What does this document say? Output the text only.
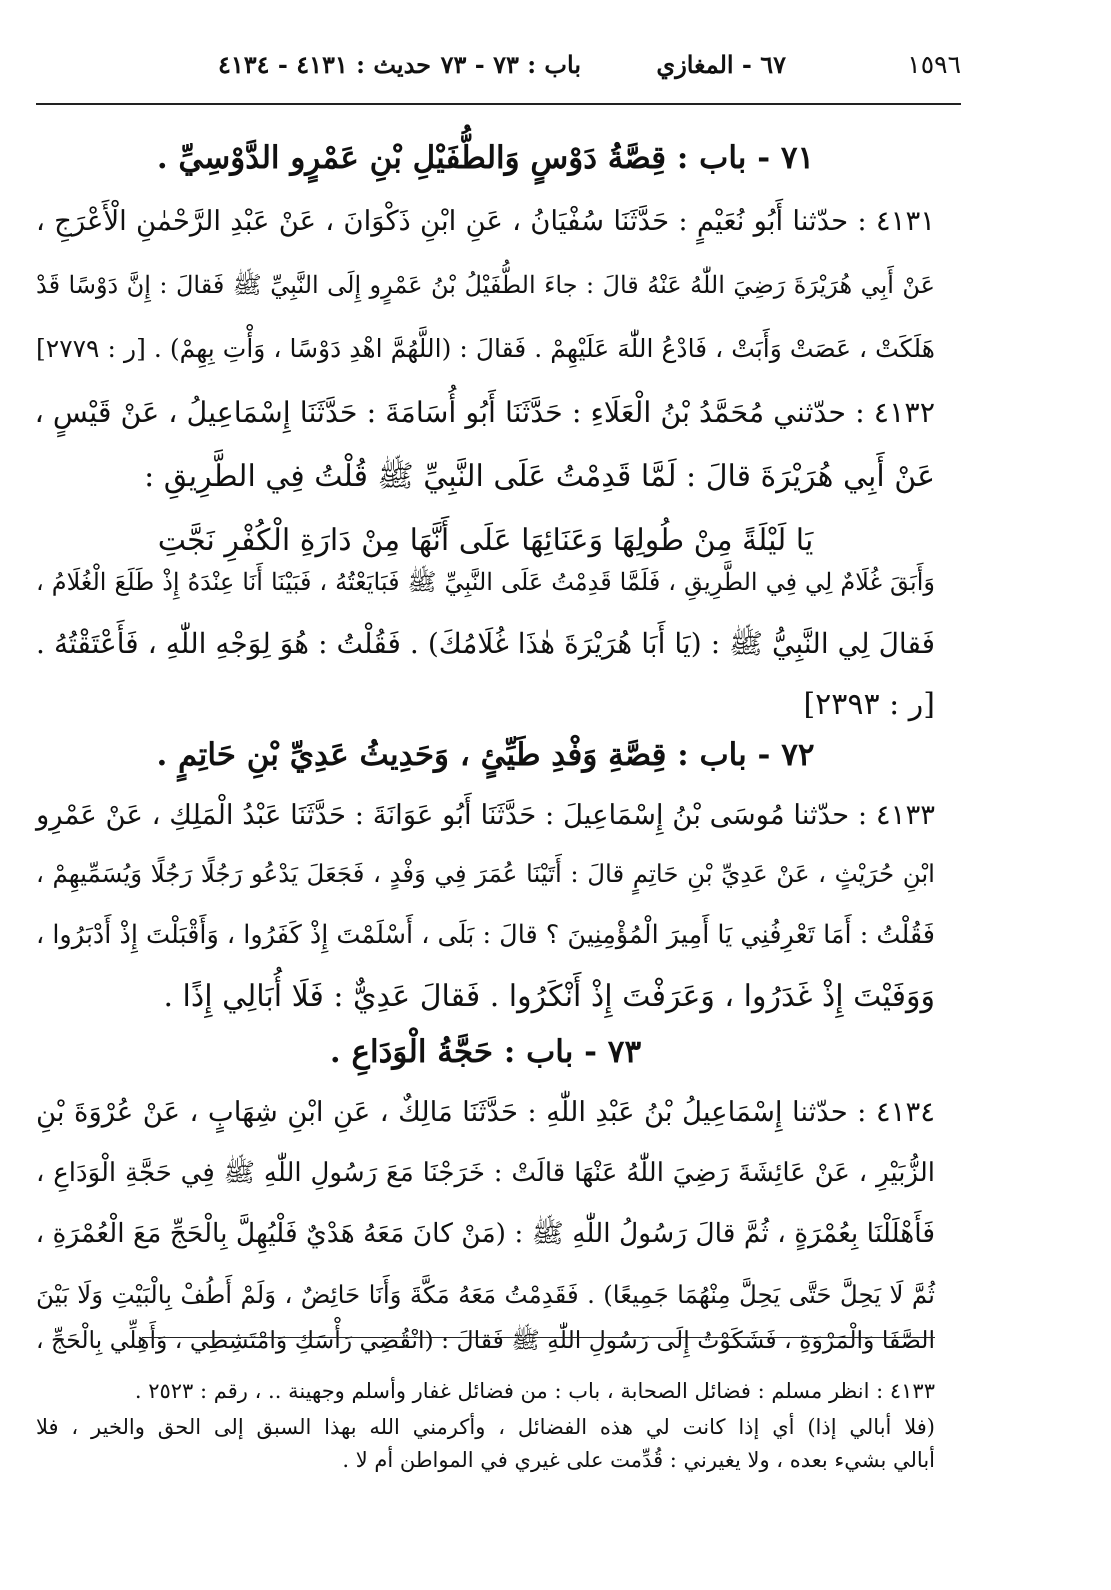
١٥٩٦
٦٧ - المغازي
باب : ٧٣ - ٧٣
حديث : ٤١٣١ - ٤١٣٤
٧١ - باب : قِصَّةُ دَوْسٍ وَالطُّفَيْلِ بْنِ عَمْرٍو الدَّوْسِيِّ .
٤١٣١ : حدّثنا أَبُو نُعَيْمٍ : حَدَّثَنَا سُفْيَانُ ، عَنِ ابْنِ ذَكْوَانَ ، عَنْ عَبْدِ الرَّحْمٰنِ الْأَعْرَجِ ،
عَنْ أَبِي هُرَيْرَةَ رَضِيَ اللّٰهُ عَنْهُ قالَ : جاءَ الطُّفَيْلُ بْنُ عَمْرٍو إِلَى النَّبِيِّ ﷺ فَقالَ : إِنَّ دَوْسًا قَدْ
هَلَكَتْ ، عَصَتْ وَأَبَتْ ، فَادْعُ اللّٰهَ عَلَيْهِمْ . فَقالَ : (اللَّهُمَّ اهْدِ دَوْسًا ، وَأْتِ بِهِمْ) . [ر : ٢٧٧٩]
٤١٣٢ : حدّثني مُحَمَّدُ بْنُ الْعَلَاءِ : حَدَّثَنَا أَبُو أُسَامَةَ : حَدَّثَنَا إِسْمَاعِيلُ ، عَنْ قَيْسٍ ،
عَنْ أَبِي هُرَيْرَةَ قالَ : لَمَّا قَدِمْتُ عَلَى النَّبِيِّ ﷺ قُلْتُ فِي الطَّرِيقِ :
يَا لَيْلَةً مِنْ طُولِهَا وَعَنَائِهَا عَلَى أَنَّهَا مِنْ دَارَةِ الْكُفْرِ نَجَّتِ
وَأَبَقَ غُلَامٌ لِي فِي الطَّرِيقِ ، فَلَمَّا قَدِمْتُ عَلَى النَّبِيِّ ﷺ فَبَايَعْتُهُ ، فَبَيْنَا أَنَا عِنْدَهُ إِذْ طَلَعَ الْغُلَامُ ،
فَقالَ لِي النَّبِيُّ ﷺ : (يَا أَبَا هُرَيْرَةَ هٰذَا غُلَامُكَ) . فَقُلْتُ : هُوَ لِوَجْهِ اللّٰهِ ، فَأَعْتَقْتُهُ .
[ر : ٢٣٩٣]
٧٢ - باب : قِصَّةِ وَفْدِ طَيِّئٍ ، وَحَدِيثُ عَدِيِّ بْنِ حَاتِمٍ .
٤١٣٣ : حدّثنا مُوسَى بْنُ إِسْمَاعِيلَ : حَدَّثَنَا أَبُو عَوَانَةَ : حَدَّثَنَا عَبْدُ الْمَلِكِ ، عَنْ عَمْرِو
ابْنِ حُرَيْثٍ ، عَنْ عَدِيِّ بْنِ حَاتِمٍ قالَ : أَتَيْنَا عُمَرَ فِي وَفْدٍ ، فَجَعَلَ يَدْعُو رَجُلًا رَجُلًا وَيُسَمِّيهِمْ ،
فَقُلْتُ : أَمَا تَعْرِفُنِي يَا أَمِيرَ الْمُؤْمِنِينَ ؟ قالَ : بَلَى ، أَسْلَمْتَ إِذْ كَفَرُوا ، وَأَقْبَلْتَ إِذْ أَدْبَرُوا ،
وَوَفَيْتَ إِذْ غَدَرُوا ، وَعَرَفْتَ إِذْ أَنْكَرُوا . فَقالَ عَدِيٌّ : فَلَا أُبَالِي إِذًا .
٧٣ - باب : حَجَّةُ الْوَدَاعِ .
٤١٣٤ : حدّثنا إِسْمَاعِيلُ بْنُ عَبْدِ اللّٰهِ : حَدَّثَنَا مَالِكٌ ، عَنِ ابْنِ شِهَابٍ ، عَنْ عُرْوَةَ بْنِ
الزُّبَيْرِ ، عَنْ عَائِشَةَ رَضِيَ اللّٰهُ عَنْهَا قالَتْ : خَرَجْنَا مَعَ رَسُولِ اللّٰهِ ﷺ فِي حَجَّةِ الْوَدَاعِ ،
فَأَهْلَلْنَا بِعُمْرَةٍ ، ثُمَّ قالَ رَسُولُ اللّٰهِ ﷺ : (مَنْ كانَ مَعَهُ هَدْيٌ فَلْيُهِلَّ بِالْحَجِّ مَعَ الْعُمْرَةِ ،
ثُمَّ لَا يَحِلَّ حَتَّى يَحِلَّ مِنْهُمَا جَمِيعًا) . فَقَدِمْتُ مَعَهُ مَكَّةَ وَأَنَا حَائِضٌ ، وَلَمْ أَطُفْ بِالْبَيْتِ وَلَا بَيْنَ
الصَّفَا وَالْمَرْوَةِ ، فَشَكَوْتُ إِلَى رَسُولِ اللّٰهِ ﷺ فَقالَ : (انْقُضِي رَأْسَكِ وَامْتَشِطِي ، وَأَهِلِّي بِالْحَجِّ ،
٤١٣٣ : انظر مسلم : فضائل الصحابة ، باب : من فضائل غفار وأسلم وجهينة .. ، رقم : ٢٥٢٣ .
(فلا أبالي إذا) أي إذا كانت لي هذه الفضائل ، وأكرمني الله بهذا السبق إلى الحق والخير ، فلا
أبالي بشيء بعده ، ولا يغيرني : قُدِّمت على غيري في المواطن أم لا .
